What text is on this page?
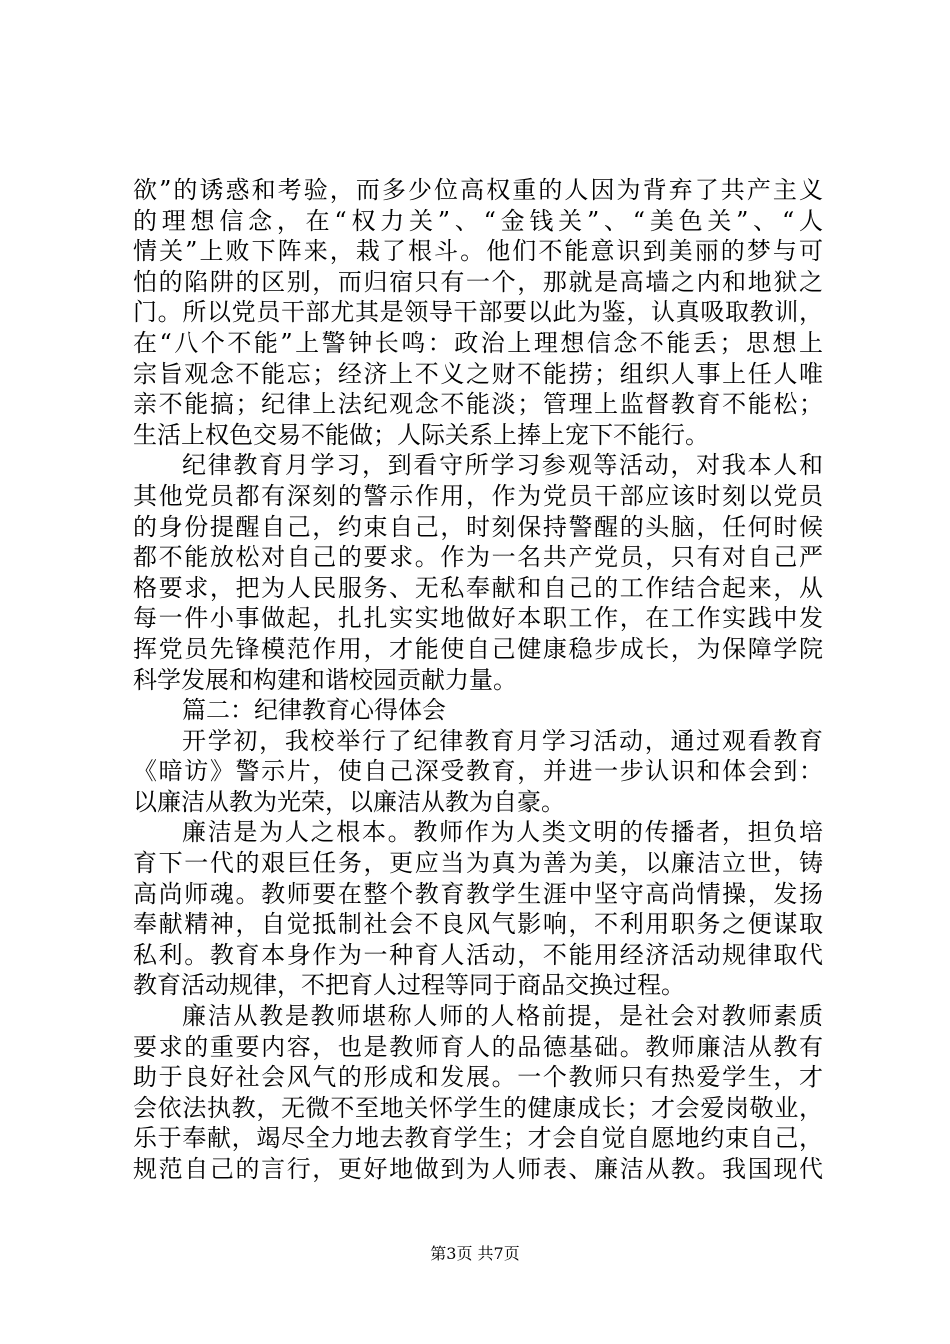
欲”的诱惑和考验，而多少位高权重的人因为背弃了共产主义
的理想信念，在“权力关”、“金钱关”、“美色关”、“人
情关”上败下阵来，栽了根斗。他们不能意识到美丽的梦与可
怕的陷阱的区别，而归宿只有一个，那就是高墙之内和地狱之
门。所以党员干部尤其是领导干部要以此为鉴，认真吸取教训，
在“八个不能”上警钟长鸣：政治上理想信念不能丢；思想上
宗旨观念不能忘；经济上不义之财不能捞；组织人事上任人唯
亲不能搞；纪律上法纪观念不能淡；管理上监督教育不能松；
生活上权色交易不能做；人际关系上捧上宠下不能行。
纪律教育月学习，到看守所学习参观等活动，对我本人和
其他党员都有深刻的警示作用，作为党员干部应该时刻以党员
的身份提醒自己，约束自己，时刻保持警醒的头脑，任何时候
都不能放松对自己的要求。作为一名共产党员，只有对自己严
格要求，把为人民服务、无私奉献和自己的工作结合起来，从
每一件小事做起，扎扎实实地做好本职工作，在工作实践中发
挥党员先锋模范作用，才能使自己健康稳步成长，为保障学院
科学发展和构建和谐校园贡献力量。
篇二：纪律教育心得体会
开学初，我校举行了纪律教育月学习活动，通过观看教育
《暗访》警示片，使自己深受教育，并进一步认识和体会到：
以廉洁从教为光荣，以廉洁从教为自豪。
廉洁是为人之根本。教师作为人类文明的传播者，担负培
育下一代的艰巨任务，更应当为真为善为美，以廉洁立世，铸
高尚师魂。教师要在整个教育教学生涯中坚守高尚情操，发扬
奉献精神，自觉抵制社会不良风气影响，不利用职务之便谋取
私利。教育本身作为一种育人活动，不能用经济活动规律取代
教育活动规律，不把育人过程等同于商品交换过程。
廉洁从教是教师堪称人师的人格前提，是社会对教师素质
要求的重要内容，也是教师育人的品德基础。教师廉洁从教有
助于良好社会风气的形成和发展。一个教师只有热爱学生，才
会依法执教，无微不至地关怀学生的健康成长；才会爱岗敬业，
乐于奉献，竭尽全力地去教育学生；才会自觉自愿地约束自己，
规范自己的言行，更好地做到为人师表、廉洁从教。我国现代
第3页 共7页
